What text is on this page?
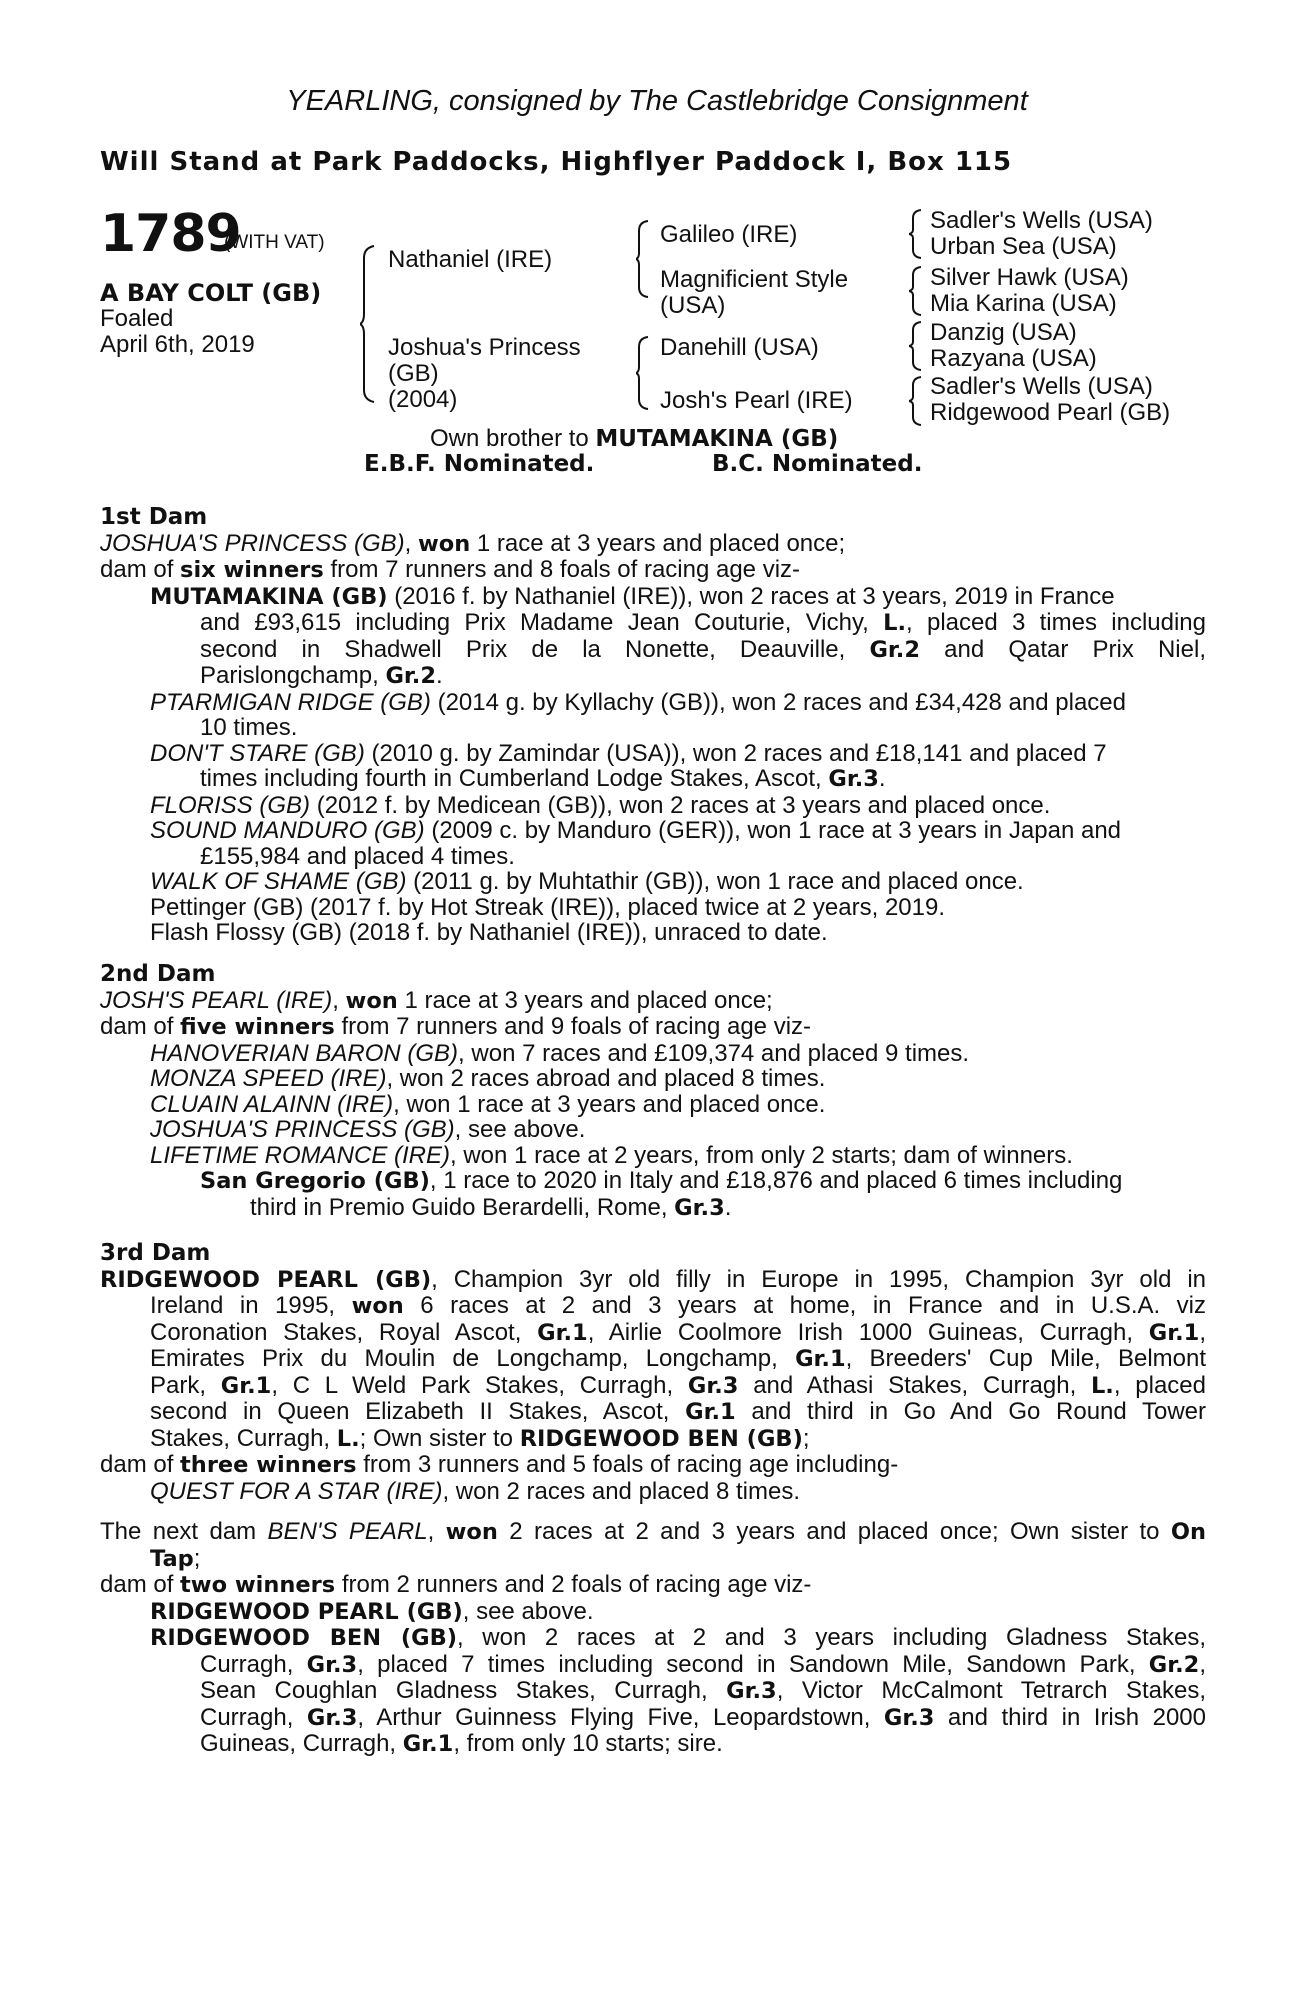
YEARLING, consigned by The Castlebridge Consignment
Will Stand at Park Paddocks, Highflyer Paddock I, Box 115
1789
(WITH VAT)
A BAY COLT (GB)
Foaled
April 6th, 2019
Nathaniel (IRE)
Joshua's Princess
(GB)
(2004)
Galileo (IRE)
Magnificient Style
(USA)
Danehill (USA)
Josh's Pearl (IRE)
Sadler's Wells (USA)
Urban Sea (USA)
Silver Hawk (USA)
Mia Karina (USA)
Danzig (USA)
Razyana (USA)
Sadler's Wells (USA)
Ridgewood Pearl (GB)
Own brother to MUTAMAKINA (GB)
E.B.F. Nominated.	B.C. Nominated.
1st Dam
JOSHUA'S PRINCESS (GB), won 1 race at 3 years and placed once;
dam of six winners from 7 runners and 8 foals of racing age viz-
MUTAMAKINA (GB) (2016 f. by Nathaniel (IRE)), won 2 races at 3 years, 2019 in France
and £93,615 including Prix Madame Jean Couturie, Vichy, L., placed 3 times including
second in Shadwell Prix de la Nonette, Deauville, Gr.2 and Qatar Prix Niel,
Parislongchamp, Gr.2.
PTARMIGAN RIDGE (GB) (2014 g. by Kyllachy (GB)), won 2 races and £34,428 and placed
10 times.
DON'T STARE (GB) (2010 g. by Zamindar (USA)), won 2 races and £18,141 and placed 7
times including fourth in Cumberland Lodge Stakes, Ascot, Gr.3.
FLORISS (GB) (2012 f. by Medicean (GB)), won 2 races at 3 years and placed once.
SOUND MANDURO (GB) (2009 c. by Manduro (GER)), won 1 race at 3 years in Japan and
£155,984 and placed 4 times.
WALK OF SHAME (GB) (2011 g. by Muhtathir (GB)), won 1 race and placed once.
Pettinger (GB) (2017 f. by Hot Streak (IRE)), placed twice at 2 years, 2019.
Flash Flossy (GB) (2018 f. by Nathaniel (IRE)), unraced to date.
2nd Dam
JOSH'S PEARL (IRE), won 1 race at 3 years and placed once;
dam of five winners from 7 runners and 9 foals of racing age viz-
HANOVERIAN BARON (GB), won 7 races and £109,374 and placed 9 times.
MONZA SPEED (IRE), won 2 races abroad and placed 8 times.
CLUAIN ALAINN (IRE), won 1 race at 3 years and placed once.
JOSHUA'S PRINCESS (GB), see above.
LIFETIME ROMANCE (IRE), won 1 race at 2 years, from only 2 starts; dam of winners.
San Gregorio (GB), 1 race to 2020 in Italy and £18,876 and placed 6 times including
third in Premio Guido Berardelli, Rome, Gr.3.
3rd Dam
RIDGEWOOD PEARL (GB), Champion 3yr old filly in Europe in 1995, Champion 3yr old in
Ireland in 1995, won 6 races at 2 and 3 years at home, in France and in U.S.A. viz
Coronation Stakes, Royal Ascot, Gr.1, Airlie Coolmore Irish 1000 Guineas, Curragh, Gr.1,
Emirates Prix du Moulin de Longchamp, Longchamp, Gr.1, Breeders' Cup Mile, Belmont
Park, Gr.1, C L Weld Park Stakes, Curragh, Gr.3 and Athasi Stakes, Curragh, L., placed
second in Queen Elizabeth II Stakes, Ascot, Gr.1 and third in Go And Go Round Tower
Stakes, Curragh, L.; Own sister to RIDGEWOOD BEN (GB);
dam of three winners from 3 runners and 5 foals of racing age including-
QUEST FOR A STAR (IRE), won 2 races and placed 8 times.
The next dam BEN'S PEARL, won 2 races at 2 and 3 years and placed once; Own sister to On
Tap;
dam of two winners from 2 runners and 2 foals of racing age viz-
RIDGEWOOD PEARL (GB), see above.
RIDGEWOOD BEN (GB), won 2 races at 2 and 3 years including Gladness Stakes,
Curragh, Gr.3, placed 7 times including second in Sandown Mile, Sandown Park, Gr.2,
Sean Coughlan Gladness Stakes, Curragh, Gr.3, Victor McCalmont Tetrarch Stakes,
Curragh, Gr.3, Arthur Guinness Flying Five, Leopardstown, Gr.3 and third in Irish 2000
Guineas, Curragh, Gr.1, from only 10 starts; sire.
